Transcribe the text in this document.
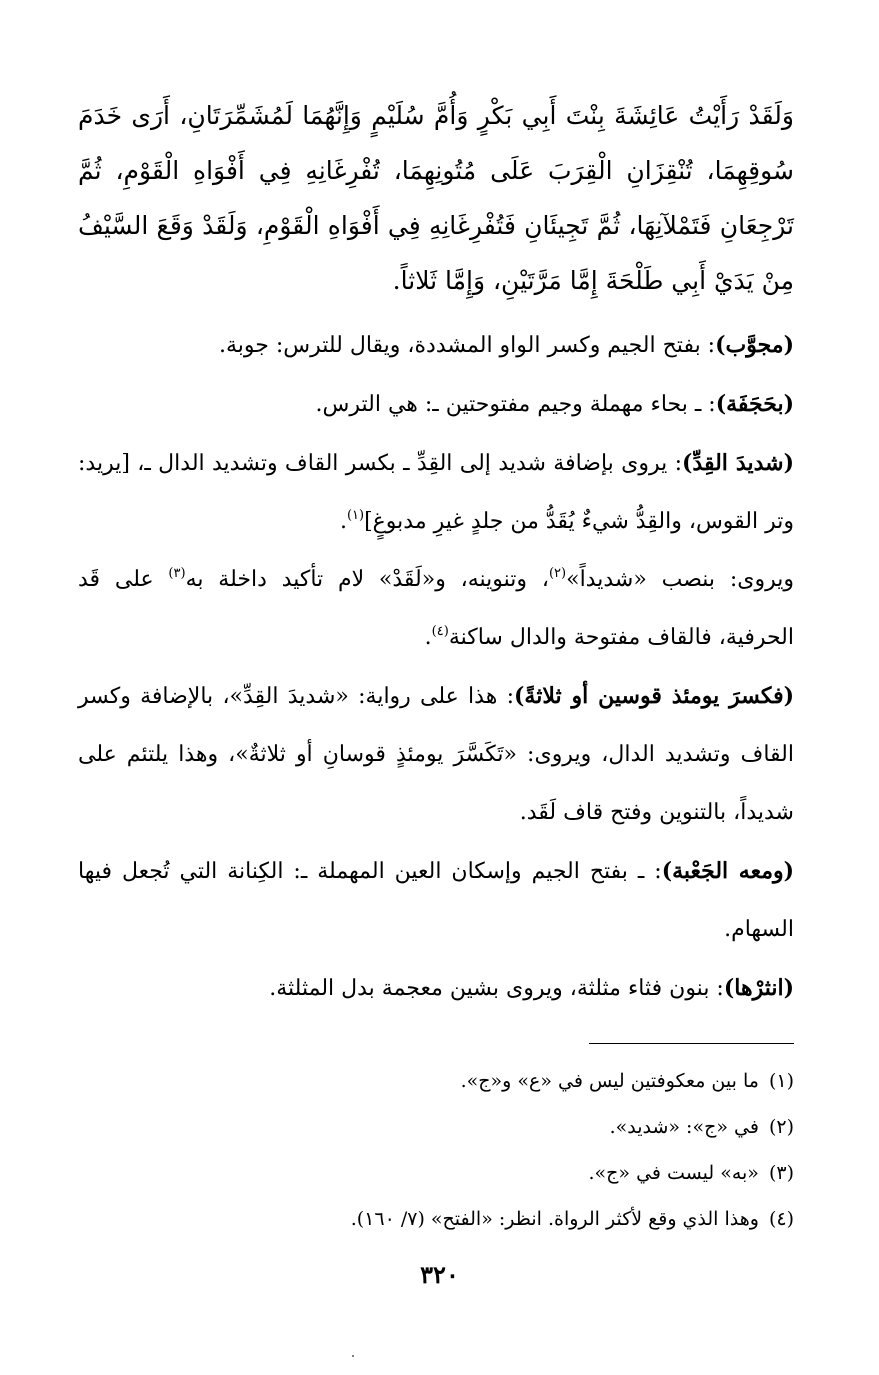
وَلَقَدْ رَأَيْتُ عَائِشَةَ بِنْتَ أَبِي بَكْرٍ وَأُمَّ سُلَيْمٍ وَإِنَّهُمَا لَمُشَمِّرَتَانِ، أَرَى خَدَمَ سُوقِهِمَا، تُنْقِزَانِ الْقِرَبَ عَلَى مُتُونِهِمَا، تُفْرِغَانِهِ فِي أَفْوَاهِ الْقَوْمِ، ثُمَّ تَرْجِعَانِ فَتَمْلآنِهَا، ثُمَّ تَجِيئَانِ فَتُفْرِغَانِهِ فِي أَفْوَاهِ الْقَوْمِ، وَلَقَدْ وَقَعَ السَّيْفُ مِنْ يَدَيْ أَبِي طَلْحَةَ إِمَّا مَرَّتَيْنِ، وَإِمَّا ثَلاثاً.

(مجوَّب): بفتح الجيم وكسر الواو المشددة، ويقال للترس: جوبة.

(بحَجَفَة): ـ بحاء مهملة وجيم مفتوحتين ـ: هي الترس.

(شديدَ القِدِّ): يروى بإضافة شديد إلى القِدِّ ـ بكسر القاف وتشديد الدال ـ، [يريد: وتر القوس، والقِدُّ شيءٌ يُقَدُّ من جلدٍ غيرِ مدبوغٍ]$^{(١)}$.

ويروى: بنصب «شديداً»$^{(٢)}$، وتنوينه، و«لَقَدْ» لام تأكيد داخلة به$^{(٣)}$ على قَد الحرفية، فالقاف مفتوحة والدال ساكنة$^{(٤)}$.

(فكسرَ يومئذ قوسين أو ثلاثةً): هذا على رواية: «شديدَ القِدِّ»، بالإضافة وكسر القاف وتشديد الدال، ويروى: «تَكَسَّرَ يومئذٍ قوسانِ أو ثلاثةٌ»، وهذا يلتئم على شديداً، بالتنوين وفتح قاف لَقَد.

(ومعه الجَعْبة): ـ بفتح الجيم وإسكان العين المهملة ـ: الكِنانة التي تُجعل فيها السهام.

(انثرْها): بنون فثاء مثلثة، ويروى بشين معجمة بدل المثلثة.

(١)ما بين معكوفتين ليس في «ع» و«ج».
(٢)في «ج»: «شديد».
(٣)«به» ليست في «ج».
(٤)وهذا الذي وقع لأكثر الرواة. انظر: «الفتح» (٧/ ١٦٠).
٣٢٠
